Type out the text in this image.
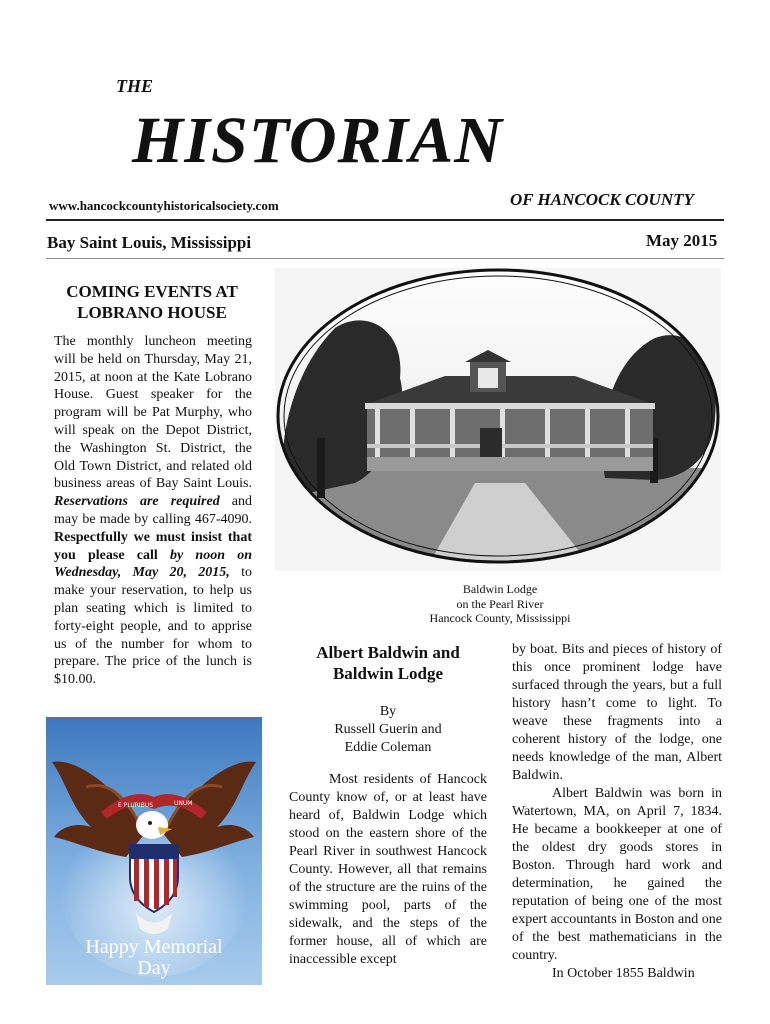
THE
HISTORIAN
www.hancockcountyhistoricalsociety.com	OF HANCOCK COUNTY
Bay Saint Louis, Mississippi	May 2015
COMING EVENTS AT
LOBRANO HOUSE
The monthly luncheon meeting will be held on Thursday, May 21, 2015, at noon at the Kate Lobrano House. Guest speaker for the program will be Pat Murphy, who will speak on the Depot District, the Washington St. District, the Old Town District, and related old business areas of Bay Saint Louis. Reservations are required and may be made by calling 467-4090. Respectfully we must insist that you please call by noon on Wednesday, May 20, 2015, to make your reservation, to help us plan seating which is limited to forty-eight people, and to apprise us of the number for whom to prepare. The price of the lunch is $10.00.
E PLURIBUS	UNUM
Happy Memorial
Day
Baldwin Lodge
on the Pearl River
Hancock County, Mississippi
Albert Baldwin and
Baldwin Lodge
By
Russell Guerin and
Eddie Coleman
Most residents of Hancock County know of, or at least have heard of, Baldwin Lodge which stood on the eastern shore of the Pearl River in southwest Hancock County. However, all that remains of the structure are the ruins of the swimming pool, parts of the sidewalk, and the steps of the former house, all of which are inaccessible except

by boat. Bits and pieces of history of this once prominent lodge have surfaced through the years, but a full history hasn’t come to light. To weave these fragments into a coherent history of the lodge, one needs knowledge of the man, Albert Baldwin.

Albert Baldwin was born in Watertown, MA, on April 7, 1834. He became a bookkeeper at one of the oldest dry goods stores in Boston. Through hard work and determination, he gained the reputation of being one of the most expert accountants in Boston and one of the best mathematicians in the country.

In October 1855 Baldwin
